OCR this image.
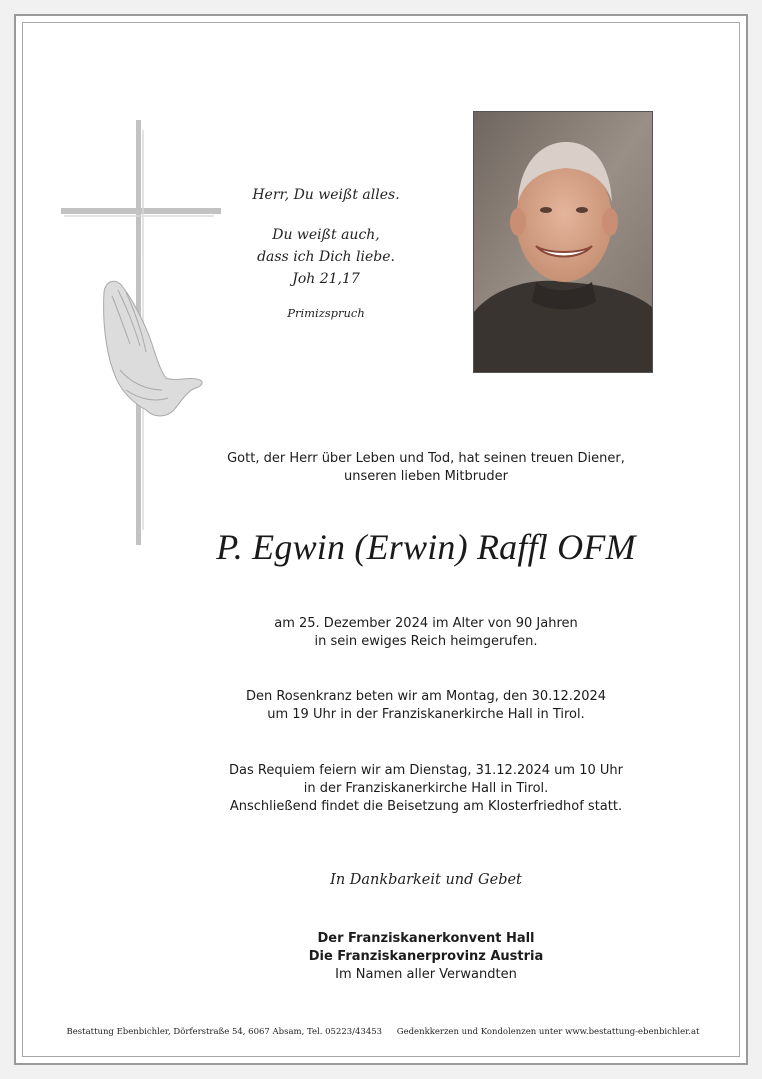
Herr, Du weißt alles.
Du weißt auch,
dass ich Dich liebe.
Joh 21,17
Primizspruch
Gott, der Herr über Leben und Tod, hat seinen treuen Diener,
unseren lieben Mitbruder
P. Egwin (Erwin) Raffl OFM
am 25. Dezember 2024 im Alter von 90 Jahren
in sein ewiges Reich heimgerufen.
Den Rosenkranz beten wir am Montag, den 30.12.2024
um 19 Uhr in der Franziskanerkirche Hall in Tirol.
Das Requiem feiern wir am Dienstag, 31.12.2024 um 10 Uhr
in der Franziskanerkirche Hall in Tirol.
Anschließend findet die Beisetzung am Klosterfriedhof statt.
In Dankbarkeit und Gebet
Der Franziskanerkonvent Hall
Die Franziskanerprovinz Austria
Im Namen aller Verwandten
Bestattung Ebenbichler, Dörferstraße 54, 6067 Absam, Tel. 05223/43453 Gedenkkerzen und Kondolenzen unter www.bestattung-ebenbichler.at
